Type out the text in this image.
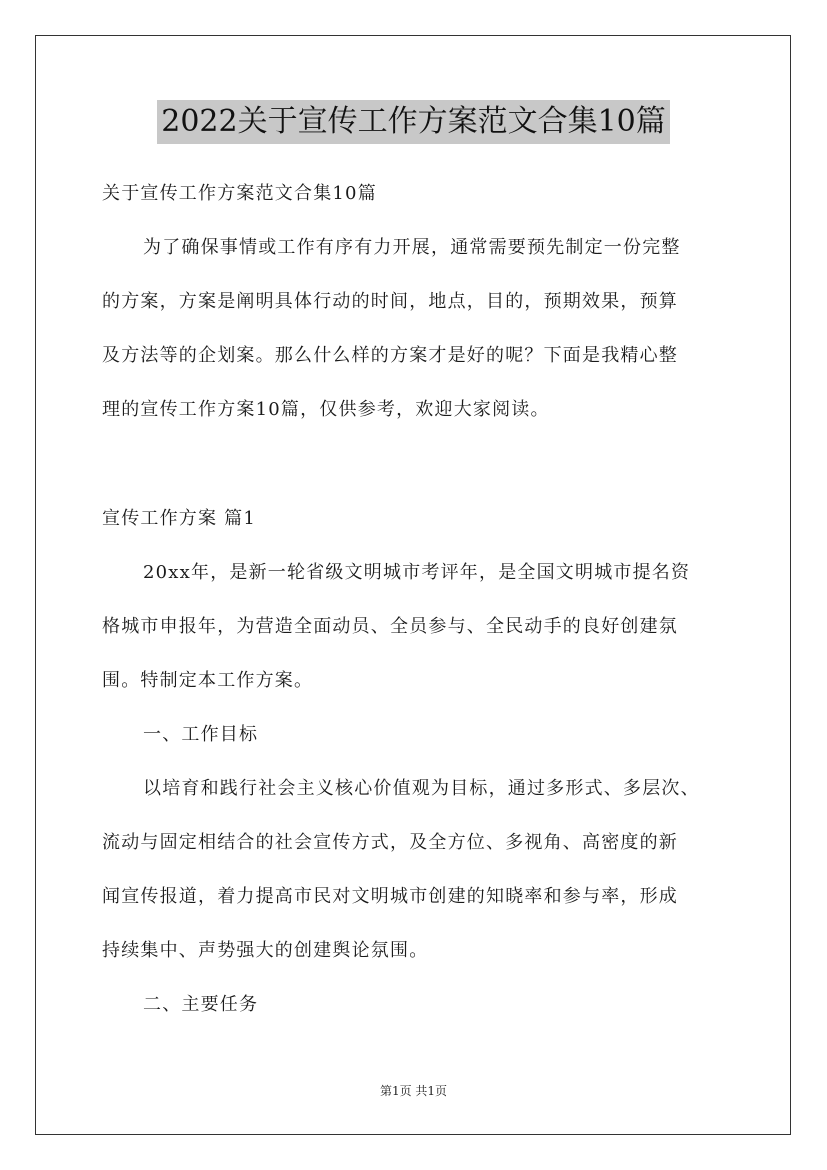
2022关于宣传工作方案范文合集10篇
关于宣传工作方案范文合集10篇
为了确保事情或工作有序有力开展，通常需要预先制定一份完整
的方案，方案是阐明具体行动的时间，地点，目的，预期效果，预算
及方法等的企划案。那么什么样的方案才是好的呢？下面是我精心整
理的宣传工作方案10篇，仅供参考，欢迎大家阅读。
宣传工作方案 篇1
20xx年，是新一轮省级文明城市考评年，是全国文明城市提名资
格城市申报年，为营造全面动员、全员参与、全民动手的良好创建氛
围。特制定本工作方案。
一、工作目标
以培育和践行社会主义核心价值观为目标，通过多形式、多层次、
流动与固定相结合的社会宣传方式，及全方位、多视角、高密度的新
闻宣传报道，着力提高市民对文明城市创建的知晓率和参与率，形成
持续集中、声势强大的创建舆论氛围。
二、主要任务
第1页 共1页
